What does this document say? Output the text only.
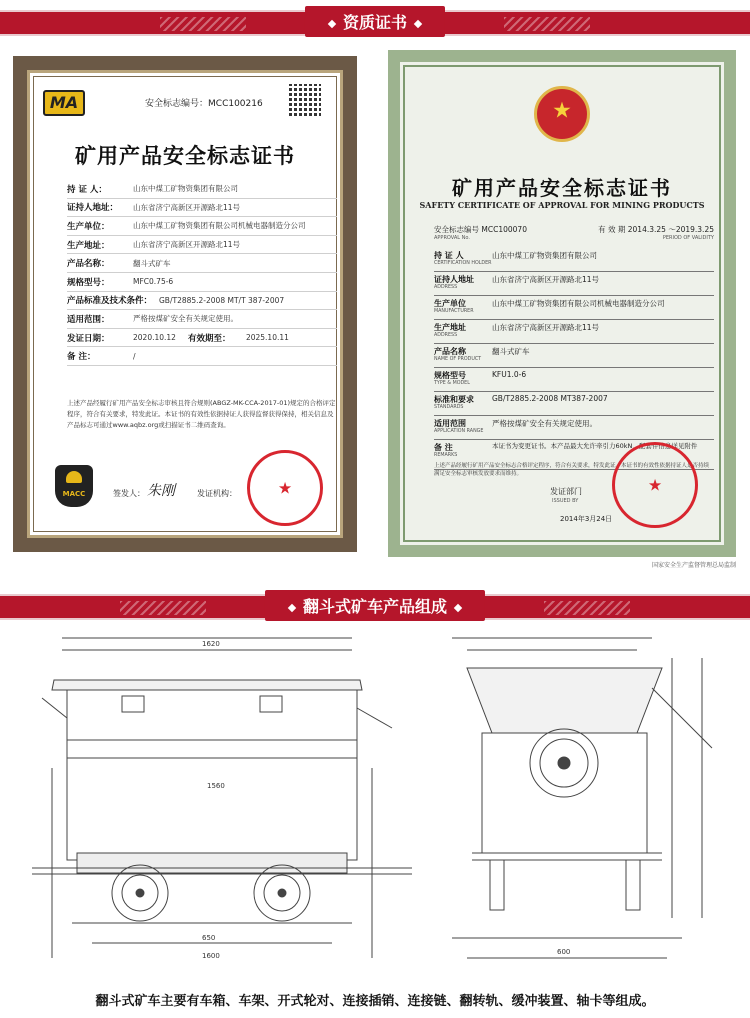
资质证书
MA	安全标志编号：MCC100216
矿用产品安全标志证书
持 证 人：	山东中煤工矿物资集团有限公司
证持人地址：	山东省济宁高新区开源路北11号
生产单位：	山东中煤工矿物资集团有限公司机械电器制造分公司
生产地址：	山东省济宁高新区开源路北11号
产品名称：	翻斗式矿车
规格型号：	MFC0.75-6
产品标准及技术条件： GB/T2885.2-2008 MT/T 387-2007
适用范围：	严格按煤矿安全有关规定使用。
发证日期：	2020.10.12 有效期至：	2025.10.11
备 注：	/
上述产品经履行矿用产品安全标志审核且符合规则(ABGZ-MK-CCA-2017-01)规定的合格评定程序，符合有关要求，特发此证。本证书的有效性依据持证人获得监督获得保持，相关信息及产品标志可通过www.aqbz.org或扫描证书二维码查询。
MACC	签发人： 朱刚	发证机构：	★
★
矿用产品安全标志证书
SAFETY CERTIFICATE OF APPROVAL FOR MINING PRODUCTS
安全标志编号 MCC100070	有 效 期 2014.3.25 ～2019.3.25
APPROVAL No.	PERIOD OF VALIDITY
持 证 人	山东中煤工矿物资集团有限公司
CERTIFICATION HOLDER
证持人地址	山东省济宁高新区开源路北11号
ADDRESS
生产单位	山东中煤工矿物资集团有限公司机械电器制造分公司
MANUFACTURER
生产地址	山东省济宁高新区开源路北11号
ADDRESS
产品名称	翻斗式矿车
NAME OF PRODUCT
规格型号	KFU1.0-6
TYPE & MODEL
标准和要求	GB/T2885.2-2008 MT387-2007
STANDARDS
适用范围	严格按煤矿安全有关规定使用。
APPLICATION RANGE
备 注	本证书为变更证书。本产品最大允许牵引力60kN，配套件信息详见附件
REMARKS
上述产品经履行矿用产品安全标志合格评定程序，符合有关要求，特发此证。本证书的有效性依据持证人是否持续满足安全标志审核发放要求而维持。
发证部门
ISSUED BY
2014年3月24日
★
国家安全生产监督管理总局监制
翻斗式矿车产品组成
1620
1560
650
600
1600
翻斗式矿车主要有车箱、车架、开式轮对、连接插销、连接链、翻转轨、缓冲装置、轴卡等组成。
